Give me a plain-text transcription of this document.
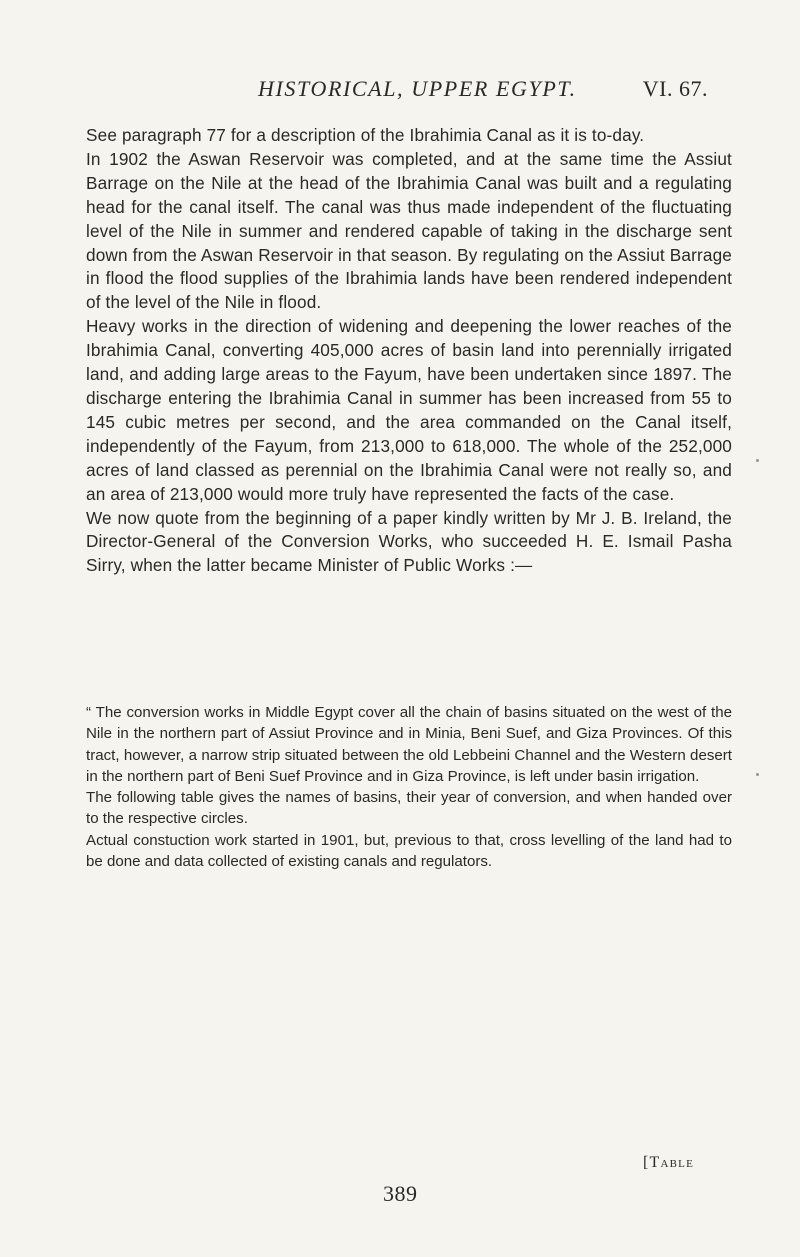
HISTORICAL, UPPER EGYPT.	VI. 67.

See paragraph 77 for a description of the Ibrahimia Canal as it is to-day.

In 1902 the Aswan Reservoir was completed, and at the same time the Assiut Barrage on the Nile at the head of the Ibrahimia Canal was built and a regulating head for the canal itself. The canal was thus made independent of the fluctuating level of the Nile in summer and rendered capable of taking in the discharge sent down from the Aswan Reservoir in that season. By regulating on the Assiut Barrage in flood the flood supplies of the Ibrahimia lands have been rendered independent of the level of the Nile in flood.

Heavy works in the direction of widening and deepening the lower reaches of the Ibrahimia Canal, converting 405,000 acres of basin land into perennially irrigated land, and adding large areas to the Fayum, have been undertaken since 1897. The discharge entering the Ibrahimia Canal in summer has been increased from 55 to 145 cubic metres per second, and the area commanded on the Canal itself, independently of the Fayum, from 213,000 to 618,000. The whole of the 252,000 acres of land classed as perennial on the Ibrahimia Canal were not really so, and an area of 213,000 would more truly have represented the facts of the case.

We now quote from the beginning of a paper kindly written by Mr J. B. Ireland, the Director-General of the Conversion Works, who succeeded H. E. Ismail Pasha Sirry, when the latter became Minister of Public Works :—

“ The conversion works in Middle Egypt cover all the chain of basins situated on the west of the Nile in the northern part of Assiut Province and in Minia, Beni Suef, and Giza Provinces. Of this tract, however, a narrow strip situated between the old Lebbeini Channel and the Western desert in the northern part of Beni Suef Province and in Giza Province, is left under basin irrigation.

The following table gives the names of basins, their year of conversion, and when handed over to the respective circles.

Actual constuction work started in 1901, but, previous to that, cross levelling of the land had to be done and data collected of existing canals and regulators.

[Table
389
